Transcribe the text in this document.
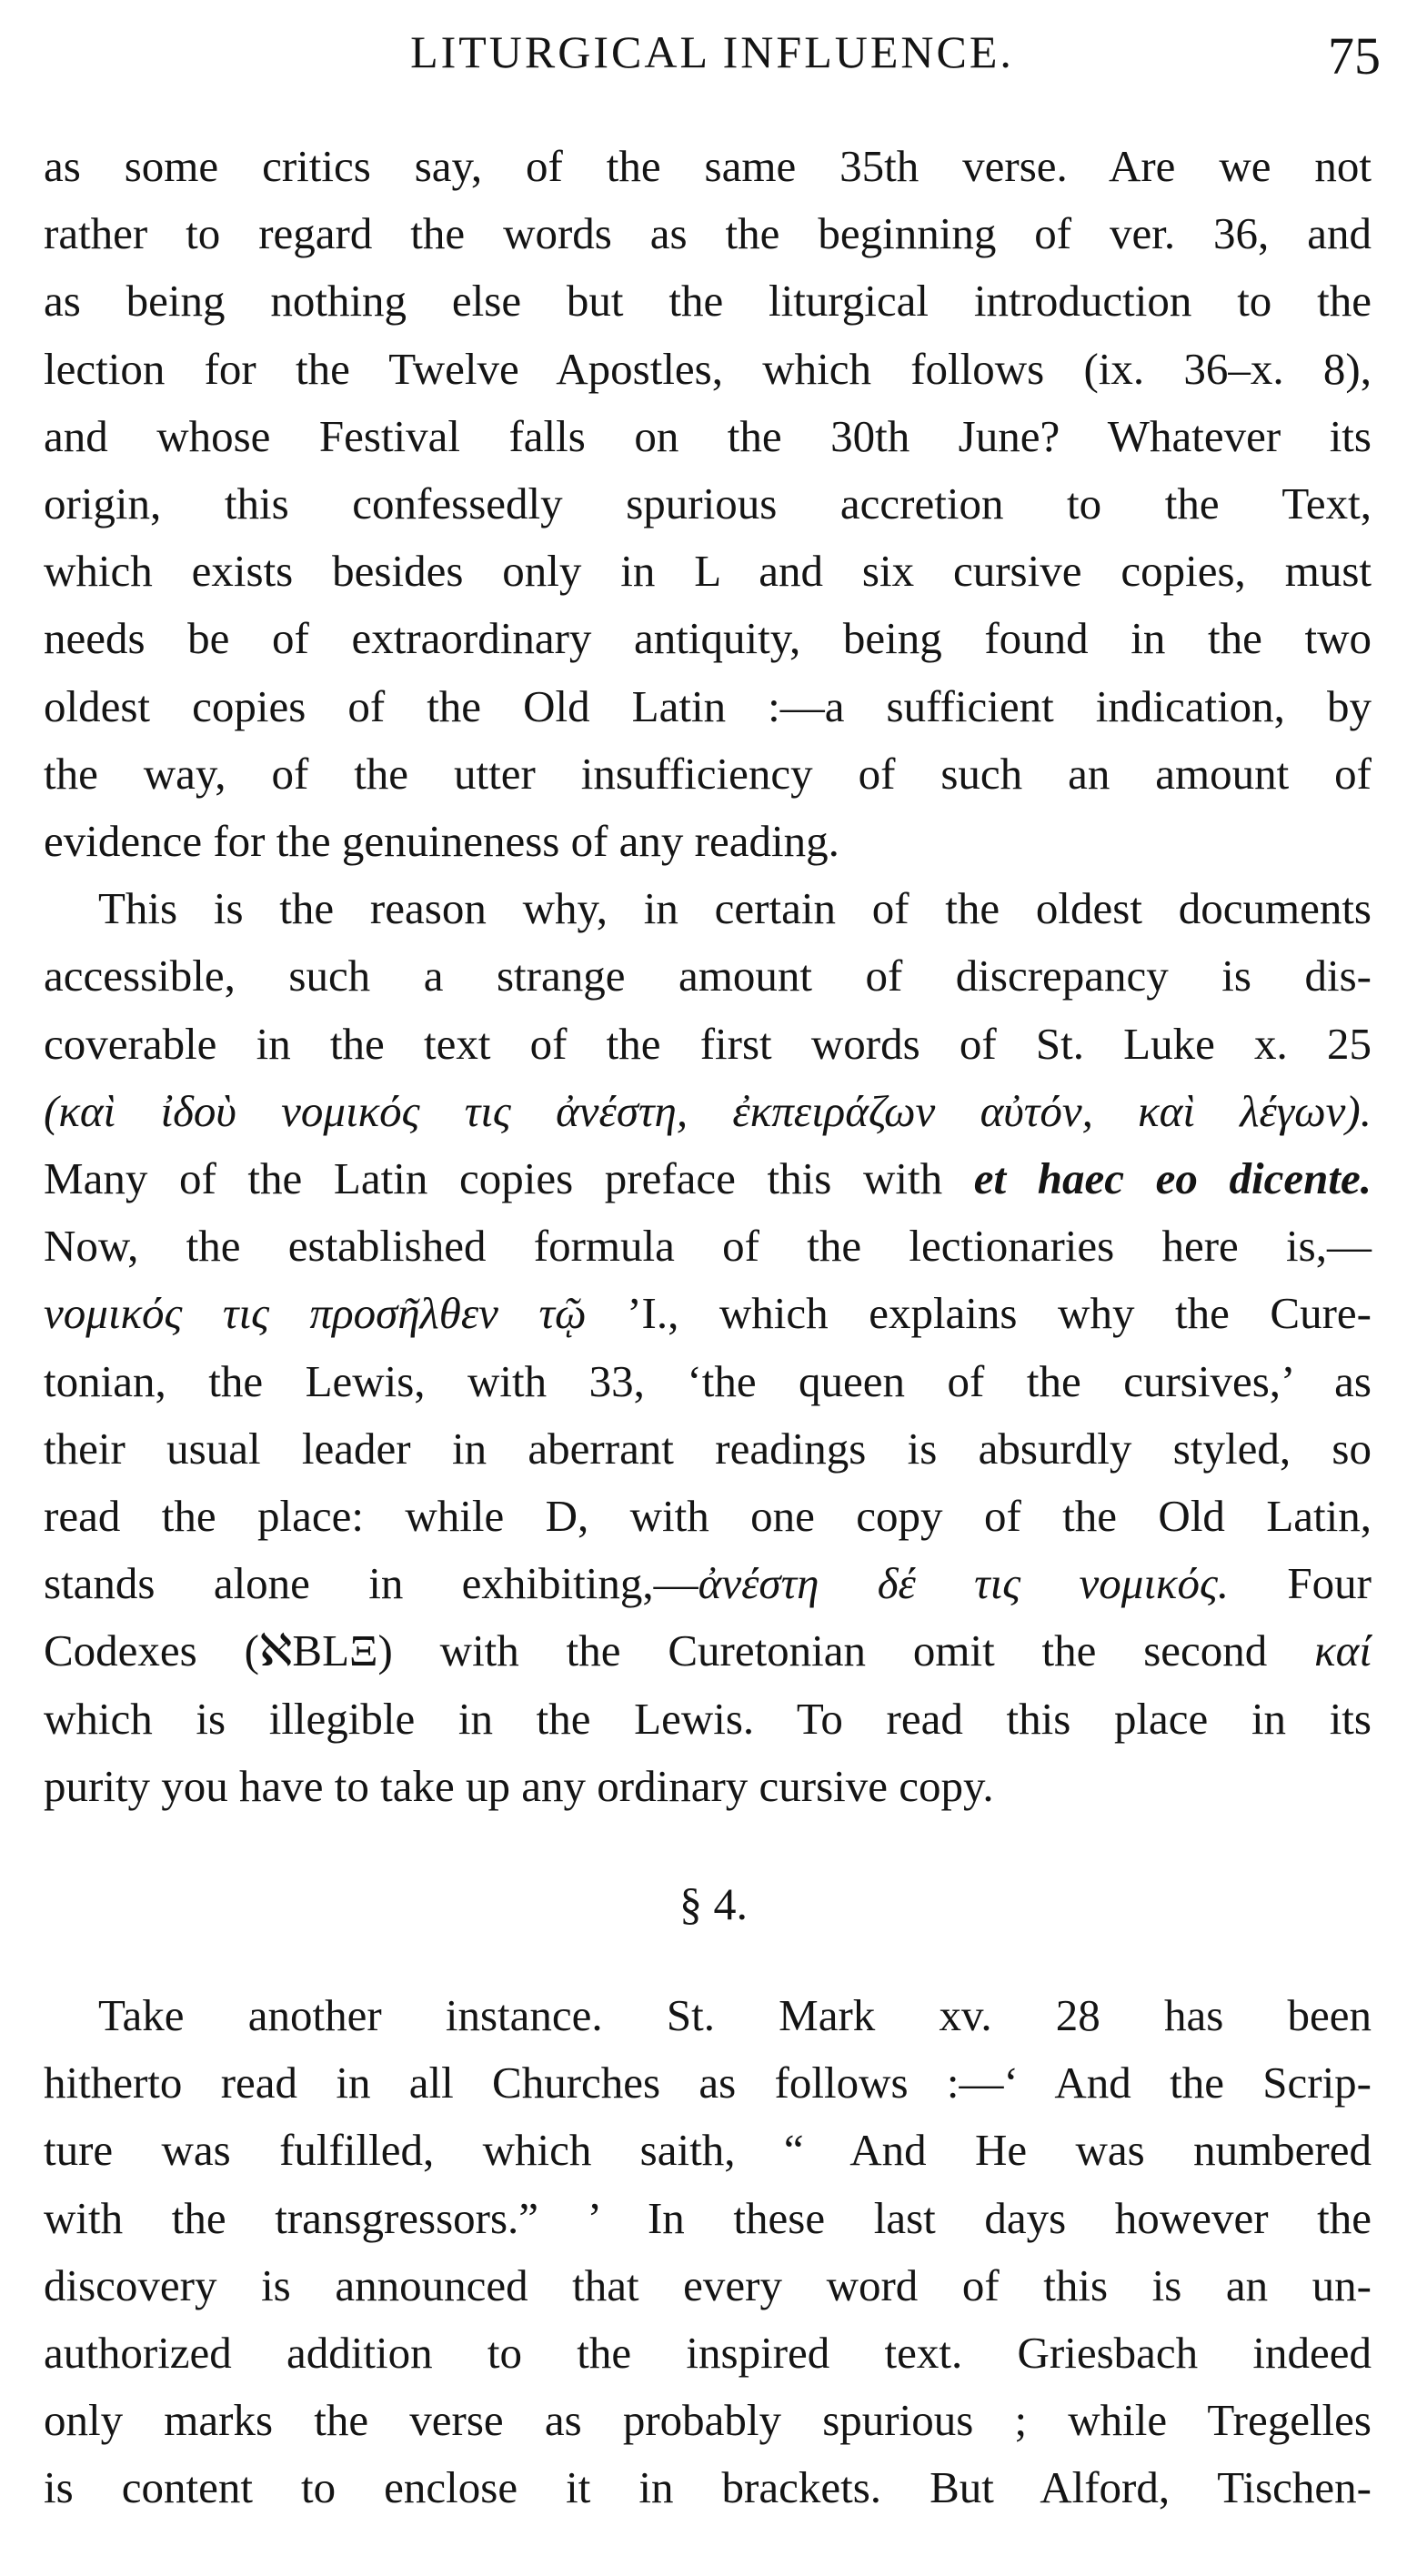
LITURGICAL INFLUENCE.	75

as some critics say, of the same 35th verse. Are we not

rather to regard the words as the beginning of ver. 36, and

as being nothing else but the liturgical introduction to the

lection for the Twelve Apostles, which follows (ix. 36–x. 8),

and whose Festival falls on the 30th June? Whatever its

origin, this confessedly spurious accretion to the Text,

which exists besides only in L and six cursive copies, must

needs be of extraordinary antiquity, being found in the two

oldest copies of the Old Latin :—a sufficient indication, by

the way, of the utter insufficiency of such an amount of

evidence for the genuineness of any reading.

This is the reason why, in certain of the oldest documents

accessible, such a strange amount of discrepancy is dis-

coverable in the text of the first words of St. Luke x. 25

(καὶ ἰδοὺ νομικός τις ἀνέστη, ἐκπειράζων αὐτόν, καὶ λέγων).

Many of the Latin copies preface this with et haec eo dicente.

Now, the established formula of the lectionaries here is,—

νομικός τις προσῆλθεν τῷ ’I., which explains why the Cure-

tonian, the Lewis, with 33, ‘the queen of the cursives,’ as

their usual leader in aberrant readings is absurdly styled, so

read the place: while D, with one copy of the Old Latin,

stands alone in exhibiting,—ἀνέστη δέ τις νομικός. Four

Codexes (ℵBLΞ) with the Curetonian omit the second καί

which is illegible in the Lewis. To read this place in its

purity you have to take up any ordinary cursive copy.

§ 4.

Take another instance. St. Mark xv. 28 has been

hitherto read in all Churches as follows :—‘ And the Scrip-

ture was fulfilled, which saith, “ And He was numbered

with the transgressors.” ’ In these last days however the

discovery is announced that every word of this is an un-

authorized addition to the inspired text. Griesbach indeed

only marks the verse as probably spurious ; while Tregelles

is content to enclose it in brackets. But Alford, Tischen-
